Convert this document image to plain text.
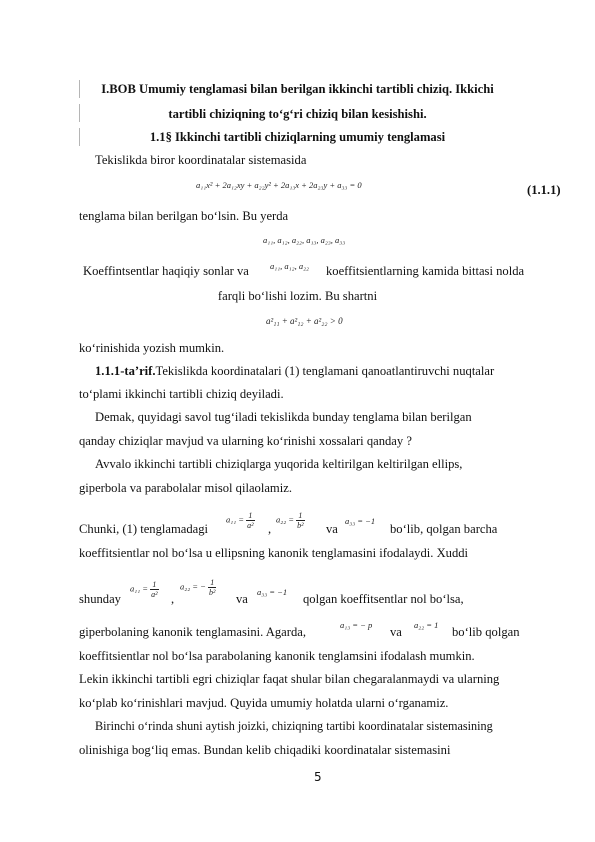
I.BOB Umumiy tenglamasi bilan berilgan ikkinchi tartibli chiziq. Ikkichi
tartibli chiziqning to‘g‘ri chiziq bilan kesishishi.
1.1§ Ikkinchi tartibli chiziqlarning umumiy tenglamasi
Tekislikda biror koordinatalar sistemasida
a₁₁x² + 2a₁₂xy + a₂₂y² + 2a₁₃x + 2a₂₃y + a₃₃ = 0	(1.1.1)
tenglama bilan berilgan bo‘lsin. Bu yerda
a₁₁, a₁₂, a₂₂, a₁₃, a₂₃, a₃₃
Koeffintsentlar haqiqiy sonlar va a₁₁, a₁₂, a₂₂ koeffitsientlarning kamida bittasi nolda
farqli bo‘lishi lozim. Bu shartni
a²₁₁ + a²₁₂ + a²₂₂ > 0
ko‘rinishida yozish mumkin.
1.1.1-ta’rif.Tekislikda koordinatalari (1) tenglamani qanoatlantiruvchi nuqtalar
to‘plami ikkinchi tartibli chiziq deyiladi.
Demak, quyidagi savol tug‘iladi tekislikda bunday tenglama bilan berilgan
qanday chiziqlar mavjud va ularning ko‘rinishi xossalari qanday ?
Avvalo ikkinchi tartibli chiziqlarga yuqorida keltirilgan keltirilgan ellips,
giperbola va parabolalar misol qilaolamiz.
Chunki, (1) tenglamadagi
$a_{11} = \frac{1}{\text{a²}}$ ,
$a_{22} = \frac{1}{\text{b²}}$ va
a₃₃ = −1
bo‘lib, qolgan barcha
koeffitsientlar nol bo‘lsa u ellipsning kanonik tenglamasini ifodalaydi. Xuddi
shunday
$a_{11} = \frac{1}{\text{a²}}$ ,
a₂₂ = − $\frac{1}{\text{b²}}$
va a₃₃ = −1 qolgan koeffitsentlar nol bo‘lsa,
giperbolaning kanonik tenglamasini. Agarda,	a₁₃ = − p va a₂₂ = 1 bo‘lib qolgan
koeffitsientlar nol bo‘lsa parabolaning kanonik tenglamsini ifodalash mumkin.
Lekin ikkinchi tartibli egri chiziqlar faqat shular bilan chegaralanmaydi va ularning
ko‘plab ko‘rinishlari mavjud. Quyida umumiy holatda ularni o‘rganamiz.
Birinchi o‘rinda shuni aytish joizki, chiziqning tartibi koordinatalar sistemasining
olinishiga bog‘liq emas. Bundan kelib chiqadiki koordinatalar sistemasini
5
